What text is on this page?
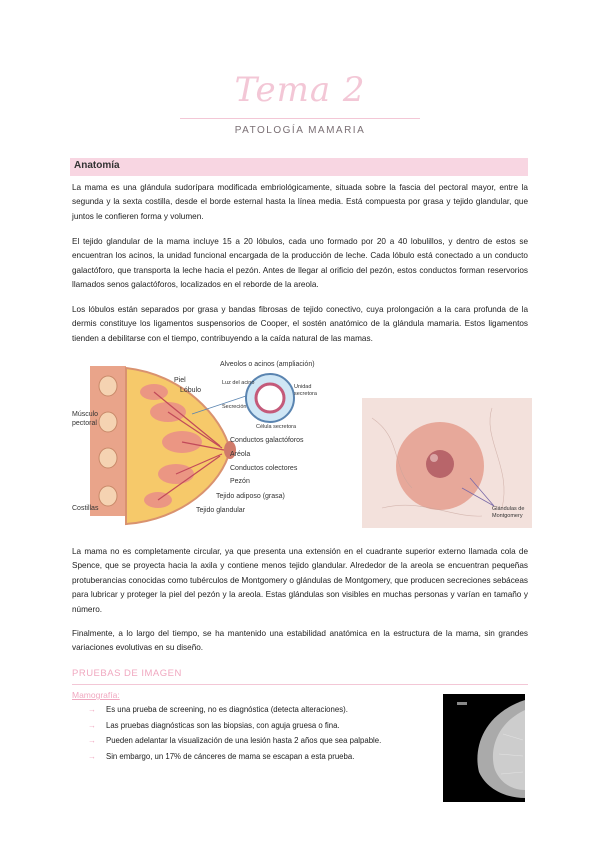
Tema 2
PATOLOGÍA MAMARIA
Anatomía
La mama es una glándula sudorípara modificada embriológicamente, situada sobre la fascia del pectoral mayor, entre la segunda y la sexta costilla, desde el borde esternal hasta la línea media. Está compuesta por grasa y tejido glandular, que juntos le confieren forma y volumen.
El tejido glandular de la mama incluye 15 a 20 lóbulos, cada uno formado por 20 a 40 lobulillos, y dentro de estos se encuentran los acinos, la unidad funcional encargada de la producción de leche. Cada lóbulo está conectado a un conducto galactóforo, que transporta la leche hacia el pezón. Antes de llegar al orificio del pezón, estos conductos forman reservorios llamados senos galactóforos, localizados en el reborde de la areola.
Los lóbulos están separados por grasa y bandas fibrosas de tejido conectivo, cuya prolongación a la cara profunda de la dermis constituye los ligamentos suspensorios de Cooper, el sostén anatómico de la glándula mamaria. Estos ligamentos tienden a debilitarse con el tiempo, contribuyendo a la caída natural de las mamas.
Alveolos o acinos (ampliación)
Piel
Lóbulo
Músculo
pectoral
Costillas
Conductos galactóforos
Aréola
Conductos colectores
Pezón
Tejido adiposo (grasa)
Tejido glandular
Unidad
secretora
Luz del acino
Secreción
Célula secretora
Glándulas de
Montgomery
La mama no es completamente circular, ya que presenta una extensión en el cuadrante superior externo llamada cola de Spence, que se proyecta hacia la axila y contiene menos tejido glandular. Alrededor de la areola se encuentran pequeñas protuberancias conocidas como tubérculos de Montgomery o glándulas de Montgomery, que producen secreciones sebáceas para lubricar y proteger la piel del pezón y la areola. Estas glándulas son visibles en muchas personas y varían en tamaño y número.
Finalmente, a lo largo del tiempo, se ha mantenido una estabilidad anatómica en la estructura de la mama, sin grandes variaciones evolutivas en su diseño.
PRUEBAS DE IMAGEN
Mamografía:
→	Es una prueba de screening, no es diagnóstica (detecta alteraciones).
→	Las pruebas diagnósticas son las biopsias, con aguja gruesa o fina.
→	Pueden adelantar la visualización de una lesión hasta 2 años que sea palpable.
→	Sin embargo, un 17% de cánceres de mama se escapan a esta prueba.
